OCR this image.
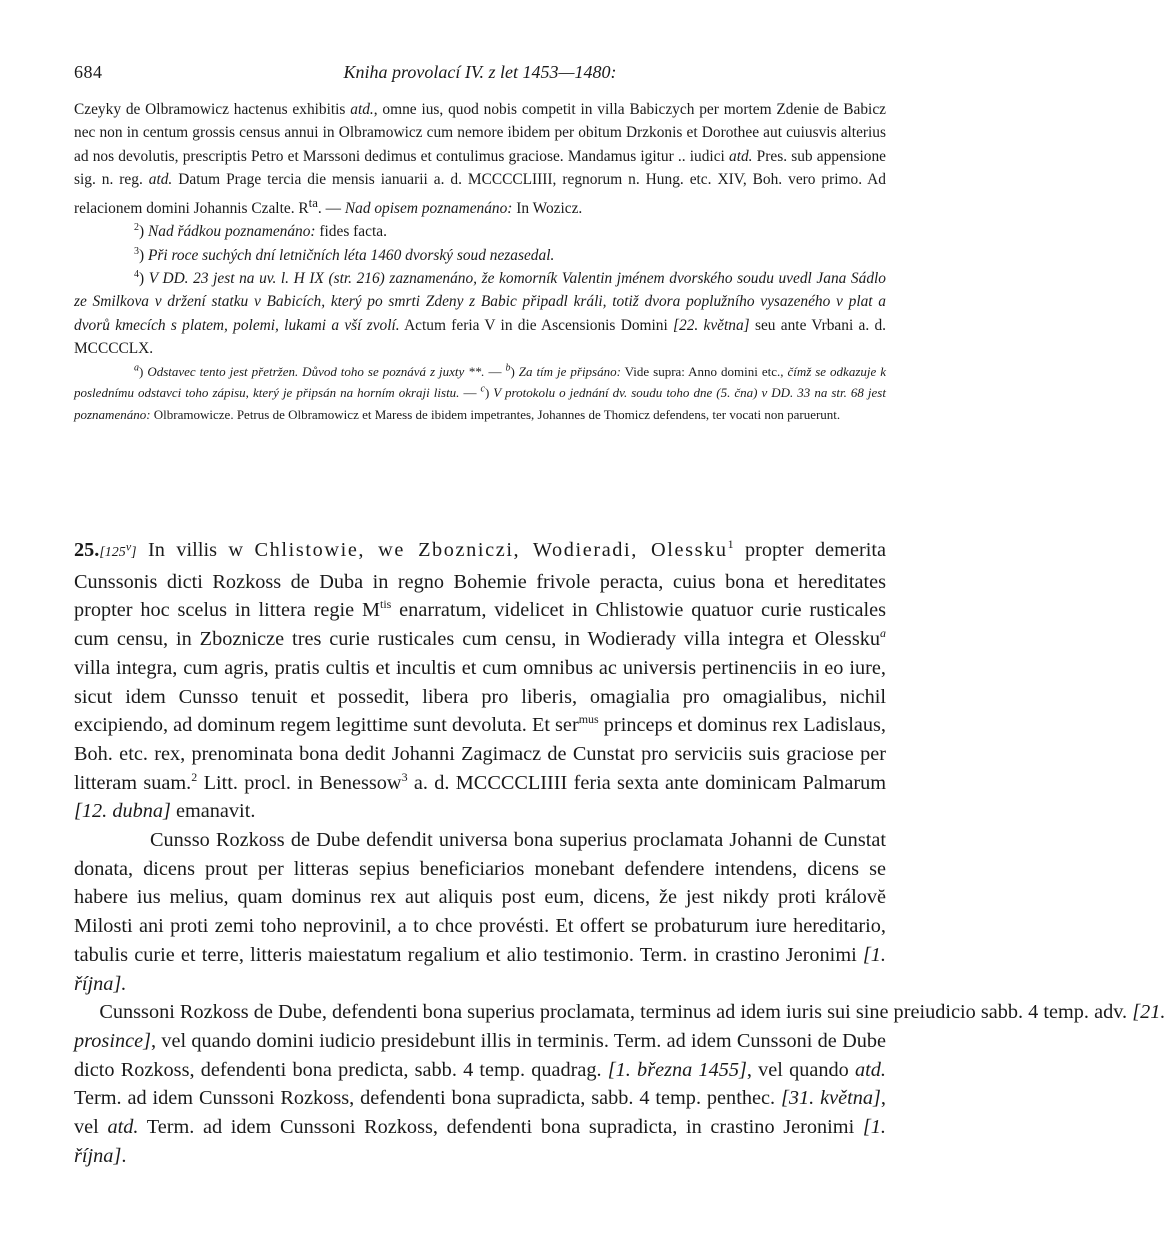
684	Kniha provolací IV. z let 1453—1480:

Czeyky de Olbramowicz hactenus exhibitis atd., omne ius, quod nobis competit in villa Babiczych per mortem Zdenie de Babicz nec non in centum grossis census annui in Olbramowicz cum nemore ibidem per obitum Drzkonis et Dorothee aut cuiusvis alterius ad nos devolutis, prescriptis Petro et Marssoni dedimus et contulimus graciose. Mandamus igitur .. iudici atd. Pres. sub appensione sig. n. reg. atd. Datum Prage tercia die mensis ianuarii a. d. MCCCCLIIII, regnorum n. Hung. etc. XIV, Boh. vero primo. Ad relacionem domini Johannis Czalte. $R^{ta}$. — Nad opisem poznamenáno: In Wozicz.

$^2$) Nad řádkou poznamenáno: fides facta.

$^3$) Při roce suchých dní letničních léta 1460 dvorský soud nezasedal.

$^4$) V DD. 23 jest na uv. l. H IX (str. 216) zaznamenáno, že komorník Valentin jménem dvorského soudu uvedl Jana Sádlo ze Smilkova v držení statku v Babicích, který po smrti Zdeny z Babic připadl králi, totiž dvora poplužního vysazeného v plat a dvorů kmecích s platem, polemi, lukami a vší zvolí. Actum feria V in die Ascensionis Domini [22. května] seu ante Vrbani a. d. MCCCCLX.

$^a$) Odstavec tento jest přetržen. Důvod toho se poznává z juxty **. — $^b$) Za tím je připsáno: Vide supra: Anno domini etc., čímž se odkazuje k poslednímu odstavci toho zápisu, který je připsán na horním okraji listu. — $^c$) V protokolu o jednání dv. soudu toho dne (5. čna) v DD. 33 na str. 68 jest poznamenáno: Olbramowicze. Petrus de Olbramowicz et Maress de ibidem impetrantes, Johannes de Thomicz defendens, ter vocati non paruerunt.

25.[125$^v$] In villis w Chlistowie, we Zbozniczi, Wodieradi, Olessku$^1$ propter demerita Cunssonis dicti Rozkoss de Duba in regno Bohemie frivole peracta, cuius bona et hereditates propter hoc scelus in littera regie $M^{tis}$ enarratum, videlicet in Chlistowie quatuor curie rusticales cum censu, in Zboznicze tres curie rusticales cum censu, in Wodierady villa integra et Olessku$^a$ villa integra, cum agris, pratis cultis et incultis et cum omnibus ac universis pertinenciis in eo iure, sicut idem Cunsso tenuit et possedit, libera pro liberis, omagialia pro omagialibus, nichil excipiendo, ad dominum regem legittime sunt devoluta. Et ser$^{mus}$ princeps et dominus rex Ladislaus, Boh. etc. rex, prenominata bona dedit Johanni Zagimacz de Cunstat pro serviciis suis graciose per litteram suam.$^2$ Litt. procl. in Benessow$^3$ a. d. MCCCCLIIII feria sexta ante dominicam Palmarum [12. dubna] emanavit.

Cunsso Rozkoss de Dube defendit universa bona superius proclamata Johanni de Cunstat donata, dicens prout per litteras sepius beneficiarios monebant defendere intendens, dicens se habere ius melius, quam dominus rex aut aliquis post eum, dicens, že jest nikdy proti královĕ Milosti ani proti zemi toho neprovinil, a to chce provésti. Et offert se probaturum iure hereditario, tabulis curie et terre, litteris maiestatum regalium et alio testimonio. Term. in crastino Jeronimi [1. října].     Cunssoni Rozkoss de Dube, defendenti bona superius proclamata, terminus ad idem iuris sui sine preiudicio sabb. 4 temp. adv. [21. prosince], vel quando domini iudicio presidebunt illis in terminis. Term. ad idem Cunssoni de Dube dicto Rozkoss, defendenti bona predicta, sabb. 4 temp. quadrag. [1. března 1455], vel quando atd. Term. ad idem Cunssoni Rozkoss, defendenti bona supradicta, sabb. 4 temp. penthec. [31. května], vel atd. Term. ad idem Cunssoni Rozkoss, defendenti bona supradicta, in crastino Jeronimi [1. října].
